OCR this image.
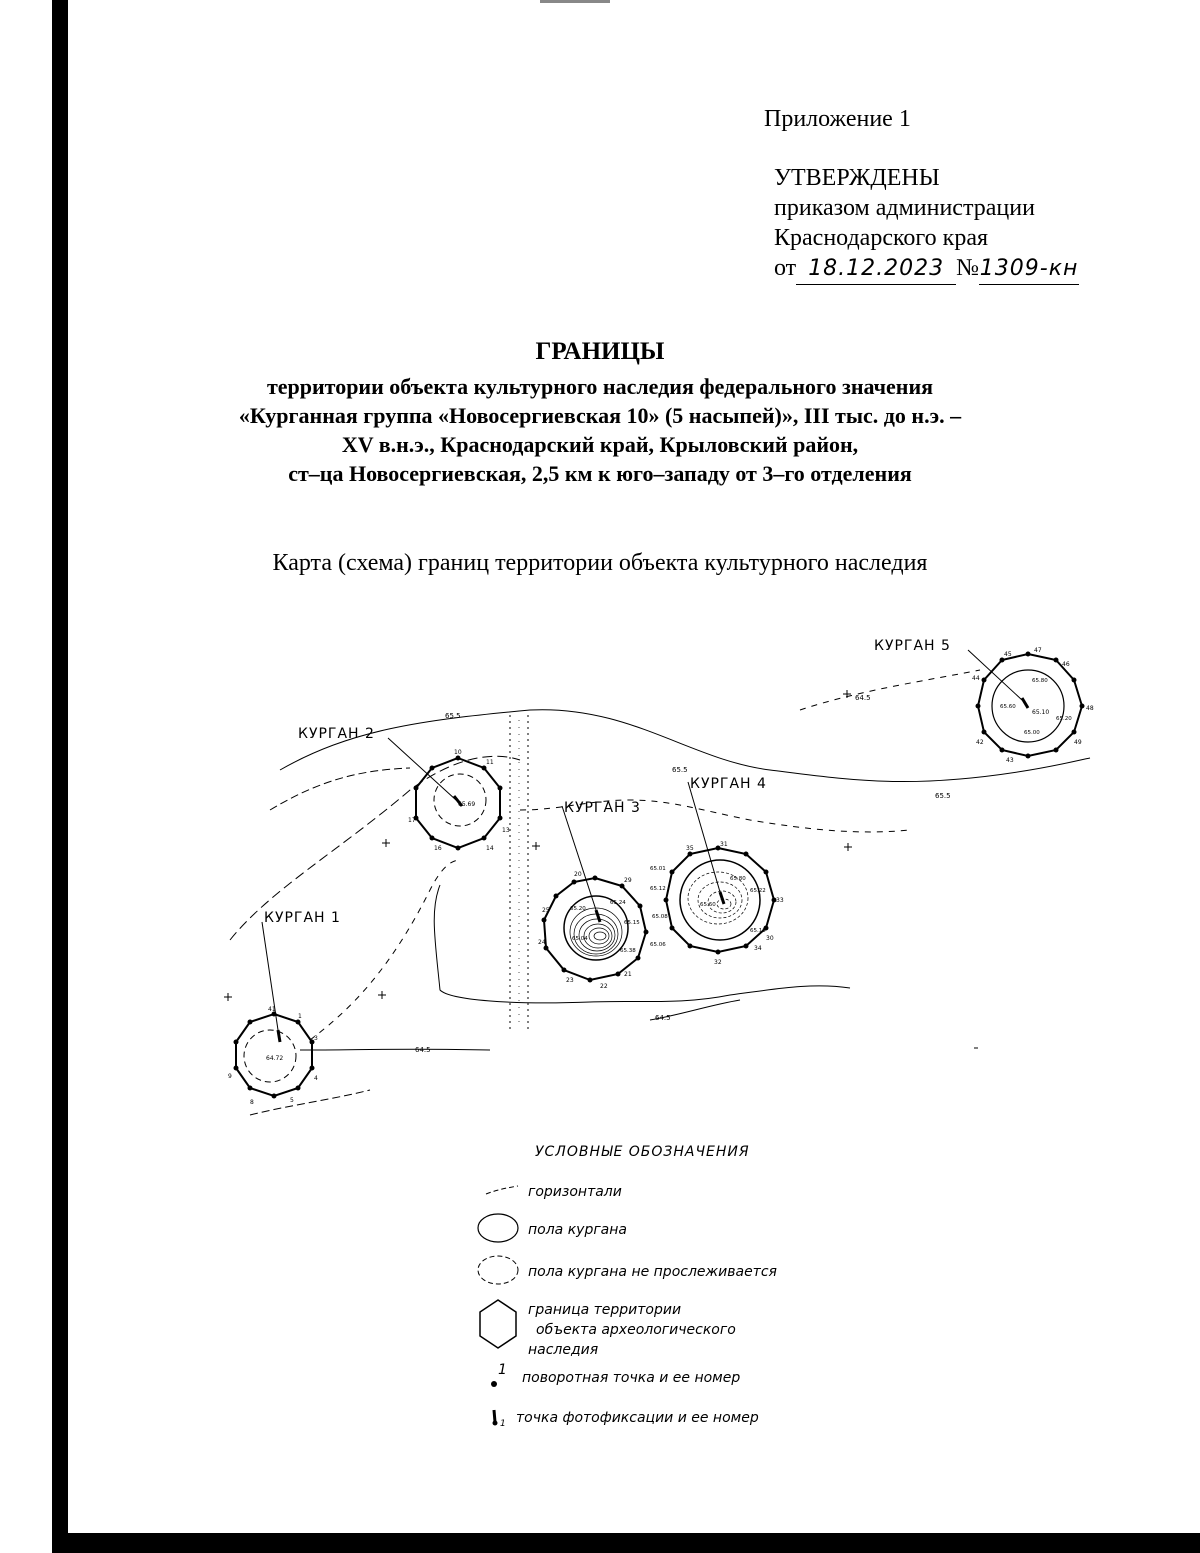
Приложение 1
УТВЕРЖДЕНЫ
приказом администрации
Краснодарского края
от 18.12.2023 №1309-кн
ГРАНИЦЫ
территории объекта культурного наследия федерального значения
«Курганная группа «Новосергиевская 10» (5 насыпей)», III тыс. до н.э. –
XV в.н.э., Краснодарский край, Крыловский район,
ст–ца Новосергиевская, 2,5 км к юго–западу от 3–го отделения
Карта (схема) границ территории объекта культурного наследия
65.5
65.5
65.5
64.5
64.5
64.5
КУРГАН 1
64.72
41
1
3
4
5
8
9
КУРГАН 2
65.69
10
11
13
14
16
17
КУРГАН 3
65.24
65.20
65.15
65.04
65.38
65.12
65.08
65.06
20
29
25
24
23
22
21
КУРГАН 4
65.80
65.60
65.22
65.10
65.01
31
35
33
34
32
30
КУРГАН 5
65.10
65.80
65.60
65.20
65.00
45
47
46
44
48
49
42
43
УСЛОВНЫЕ ОБОЗНАЧЕНИЯ
горизонтали
пола кургана
пола кургана не прослеживается
граница территории
объекта археологического
наследия
1 поворотная точка и ее номер
1 точка фотофиксации и ее номер
